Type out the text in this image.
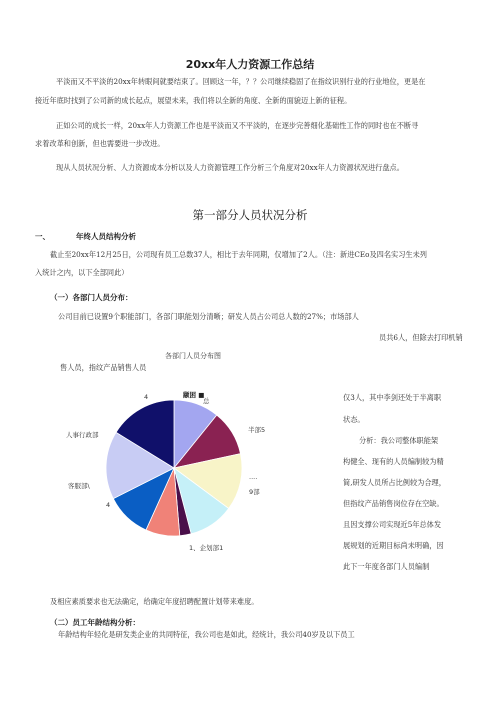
20xx年人力资源工作总结
平淡而又不平淡的20xx年转眼间就要结束了。回顾这一年，？？公司继续稳固了在指纹识别行业的行业地位，更是在
接近年底时找到了公司新的成长起点，展望未来，我们将以全新的角度、全新的面貌迈上新的征程。
正如公司的成长一样，20xx年人力资源工作也是平淡而又不平淡的，在逐步完善细化基础性工作的同时也在不断寻
求着改革和创新，但也需要进一步改进。
现从人员状况分析、人力资源成本分析以及人力资源管理工作分析三个角度对20xx年人力资源状况进行盘点。
第一部分人员状况分析
一、	年终人员结构分析
截止至20xx年12月25日，公司现有员工总数37人，相比于去年同期，仅增加了2人。（注：新进CEo及四名实习生未列
入统计之内，以下全部同此）
（一）各部门人员分布：
公司目前已设置9个职能部门，各部门职能划分清晰；研发人员占公司总人数的27%；市场部人
员共6人，但除去打印机销
售人员，指纹产品销售人员
各部门人员分布图
颛困 ■
总
半部5
....
9部
1、企划部1
客服部\
4
人事行政部
4	仅3人，其中李剑还处于半离职
状态。
分析：我公司整体职能架
构健全、现有的人员编制较为精
简,研发人员所占比例较为合理，
但指纹产品销售岗位存在空缺。
且因支撑公司实现近5年总体发
展规划的近期目标尚未明确，因
此下一年度各部门人员编制
及相应素质要求也无法确定，给确定年度招聘配置计划带来难度。
（二）员工年龄结构分析：
年龄结构年轻化是研发类企业的共同特征，我公司也是如此，经统计，我公司40岁及以下员工
